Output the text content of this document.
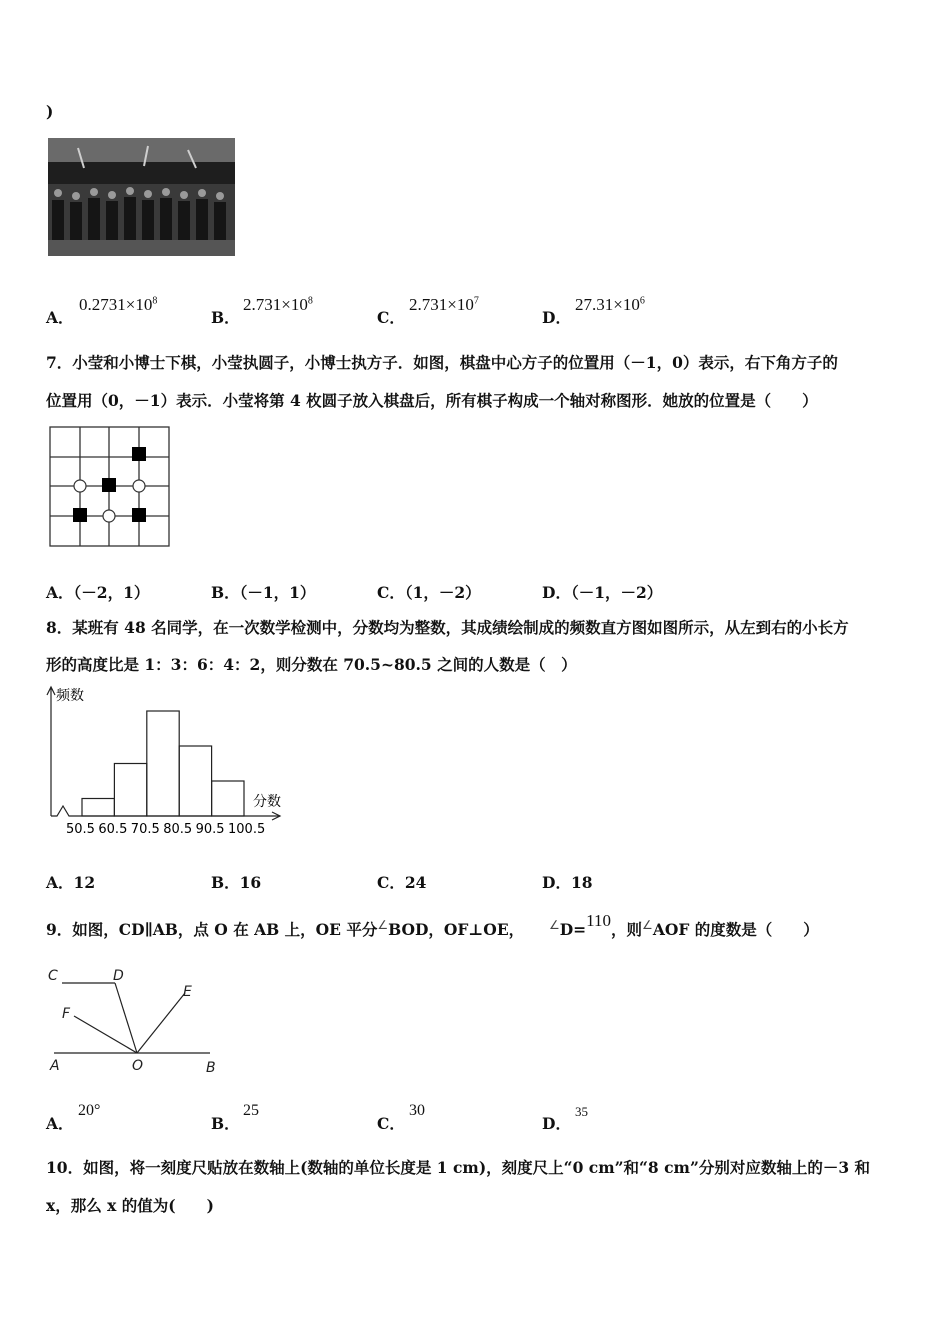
)
A．
$0.2731\times 10^8$
B．
$2.731\times 10^8$
C．
$2.731\times 10^7$
D．
$27.31\times 10^6$
7．小莹和小博士下棋，小莹执圆子，小博士执方子．如图，棋盘中心方子的位置用（－1，0）表示，右下角方子的
位置用（0，－1）表示．小莹将第 4 枚圆子放入棋盘后，所有棋子构成一个轴对称图形．她放的位置是（　　）
A．（－2，1）	B．（－1，1）	C．（1，－2）	D．（－1，－2）
8．某班有 48 名同学，在一次数学检测中，分数均为整数，其成绩绘制成的频数直方图如图所示，从左到右的小长方
形的高度比是 1：3：6：4：2，则分数在 70.5~80.5 之间的人数是（　）
50.5 60.5 70.5 80.5 90.5 100.5
频数
分数
A．12	B．16	C．24	D．18
9．如图，CD∥AB，点 O 在 AB 上，OE 平分∠BOD，OF⊥OE， ∠D=110，则∠AOF 的度数是（　　）
C	D
E
F
A	O	B
A．
20°
B．
25
C．
30
D．
35
10．如图，将一刻度尺贴放在数轴上(数轴的单位长度是 1 cm)，刻度尺上“0 cm”和“8 cm”分别对应数轴上的－3 和
x，那么 x 的值为(　　)
